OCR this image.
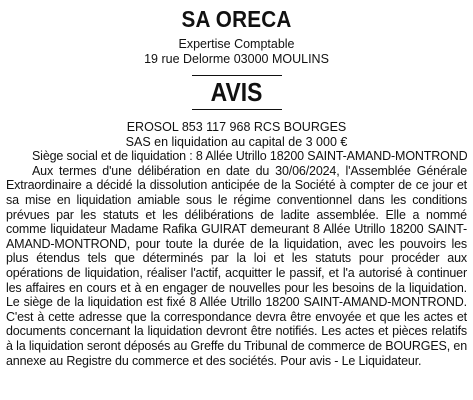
SA ORECA

Expertise Comptable

19 rue Delorme 03000 MOULINS

AVIS

EROSOL 853 117 968 RCS BOURGES

SAS en liquidation au capital de 3 000 €

Siège social et de liquidation : 8 Allée Utrillo 18200 SAINT-AMAND-MONTROND

Aux termes d'une délibération en date du 30/06/2024, l'Assemblée Générale Extraordinaire a décidé la dissolution anticipée de la Société à compter de ce jour et sa mise en liquidation amiable sous le régime conventionnel dans les conditions prévues par les statuts et les délibérations de ladite assemblée. Elle a nommé comme liquidateur Madame Rafika GUIRAT demeurant 8 Allée Utrillo 18200 SAINT-AMAND-MONTROND, pour toute la durée de la liquidation, avec les pouvoirs les plus étendus tels que déterminés par la loi et les statuts pour procéder aux opérations de liquidation, réaliser l'actif, acquitter le passif, et l'a autorisé à continuer les affaires en cours et à en engager de nouvelles pour les besoins de la liquidation. Le siège de la liquidation est fixé 8 Allée Utrillo 18200 SAINT-AMAND-MONTROND. C'est à cette adresse que la correspondance devra être envoyée et que les actes et documents concernant la liquidation devront être notifiés. Les actes et pièces relatifs à la liquidation seront déposés au Greffe du Tribunal de commerce de BOURGES, en annexe au Registre du commerce et des sociétés. Pour avis - Le Liquidateur.
